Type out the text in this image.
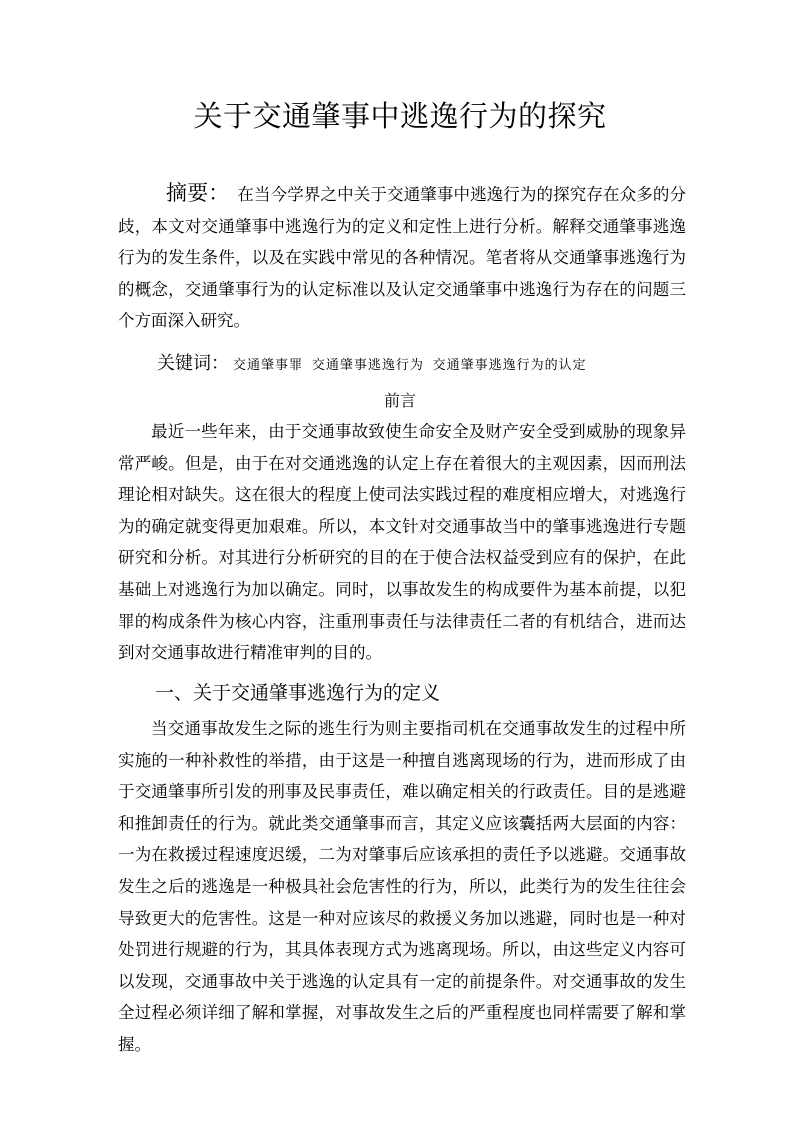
关于交通肇事中逃逸行为的探究
摘要： 在当今学界之中关于交通肇事中逃逸行为的探究存在众多的分歧，本文对交通肇事中逃逸行为的定义和定性上进行分析。解释交通肇事逃逸行为的发生条件，以及在实践中常见的各种情况。笔者将从交通肇事逃逸行为的概念，交通肇事行为的认定标准以及认定交通肇事中逃逸行为存在的问题三个方面深入研究。
关键词： 交通肇事罪 交通肇事逃逸行为 交通肇事逃逸行为的认定
前言
最近一些年来，由于交通事故致使生命安全及财产安全受到威胁的现象异常严峻。但是，由于在对交通逃逸的认定上存在着很大的主观因素，因而刑法理论相对缺失。这在很大的程度上使司法实践过程的难度相应增大，对逃逸行为的确定就变得更加艰难。所以，本文针对交通事故当中的肇事逃逸进行专题研究和分析。对其进行分析研究的目的在于使合法权益受到应有的保护，在此基础上对逃逸行为加以确定。同时，以事故发生的构成要件为基本前提，以犯罪的构成条件为核心内容，注重刑事责任与法律责任二者的有机结合，进而达到对交通事故进行精准审判的目的。
一、关于交通肇事逃逸行为的定义
当交通事故发生之际的逃生行为则主要指司机在交通事故发生的过程中所实施的一种补救性的举措，由于这是一种擅自逃离现场的行为，进而形成了由于交通肇事所引发的刑事及民事责任，难以确定相关的行政责任。目的是逃避和推卸责任的行为。就此类交通肇事而言，其定义应该囊括两大层面的内容：一为在救援过程速度迟缓，二为对肇事后应该承担的责任予以逃避。交通事故发生之后的逃逸是一种极具社会危害性的行为，所以，此类行为的发生往往会导致更大的危害性。这是一种对应该尽的救援义务加以逃避，同时也是一种对处罚进行规避的行为，其具体表现方式为逃离现场。所以，由这些定义内容可以发现，交通事故中关于逃逸的认定具有一定的前提条件。对交通事故的发生全过程必须详细了解和掌握，对事故发生之后的严重程度也同样需要了解和掌握。
